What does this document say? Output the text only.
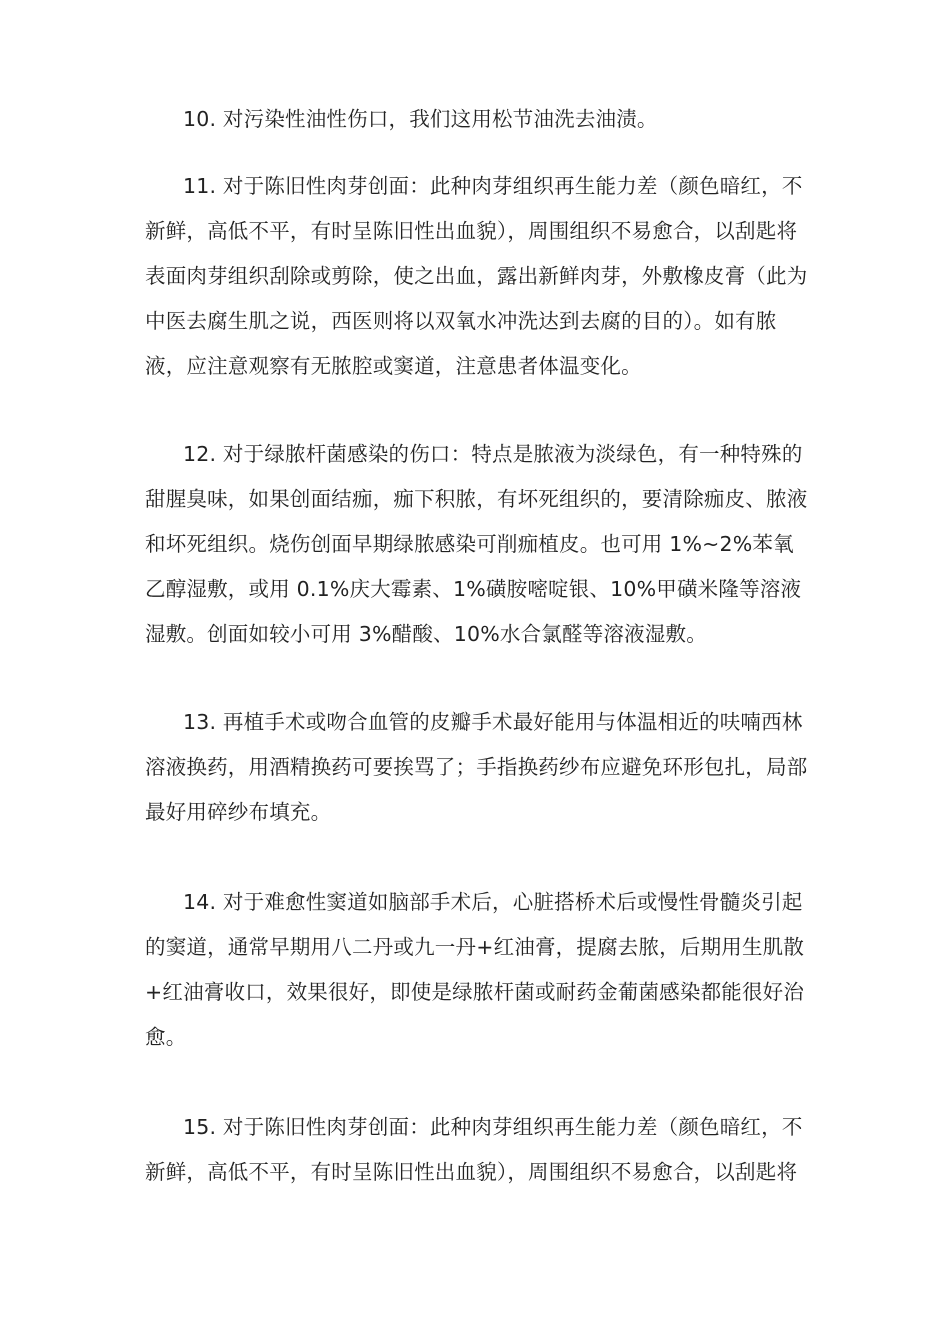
10. 对污染性油性伤口，我们这用松节油洗去油渍。

11. 对于陈旧性肉芽创面：此种肉芽组织再生能力差（颜色暗红，不新鲜，高低不平，有时呈陈旧性出血貌），周围组织不易愈合，以刮匙将表面肉芽组织刮除或剪除，使之出血，露出新鲜肉芽，外敷橡皮膏（此为中医去腐生肌之说，西医则将以双氧水冲洗达到去腐的目的）。如有脓液，应注意观察有无脓腔或窦道，注意患者体温变化。

12. 对于绿脓杆菌感染的伤口：特点是脓液为淡绿色，有一种特殊的甜腥臭味，如果创面结痂，痂下积脓，有坏死组织的，要清除痂皮、脓液和坏死组织。烧伤创面早期绿脓感染可削痂植皮。也可用 1%~2%苯氧乙醇湿敷，或用 0.1%庆大霉素、1%磺胺嘧啶银、10%甲磺米隆等溶液湿敷。创面如较小可用 3%醋酸、10%水合氯醛等溶液湿敷。

13. 再植手术或吻合血管的皮瓣手术最好能用与体温相近的呋喃西林溶液换药，用酒精换药可要挨骂了；手指换药纱布应避免环形包扎，局部最好用碎纱布填充。

14. 对于难愈性窦道如脑部手术后，心脏搭桥术后或慢性骨髓炎引起的窦道，通常早期用八二丹或九一丹+红油膏，提腐去脓，后期用生肌散+红油膏收口，效果很好，即使是绿脓杆菌或耐药金葡菌感染都能很好治愈。

15. 对于陈旧性肉芽创面：此种肉芽组织再生能力差（颜色暗红，不新鲜，高低不平，有时呈陈旧性出血貌），周围组织不易愈合，以刮匙将
